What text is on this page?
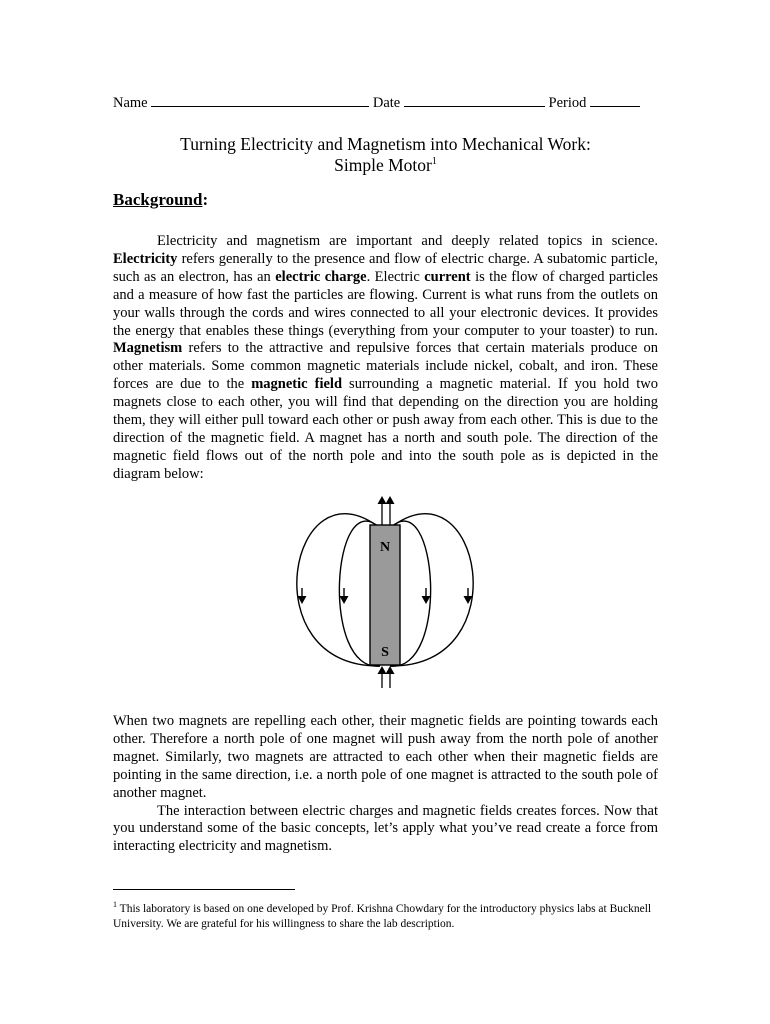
Name	Date	Period
Turning Electricity and Magnetism into Mechanical Work:
Simple Motor$^1$
Background:

Electricity and magnetism are important and deeply related topics in science. Electricity refers generally to the presence and flow of electric charge. A subatomic particle, such as an electron, has an electric charge. Electric current is the flow of charged particles and a measure of how fast the particles are flowing. Current is what runs from the outlets on your walls through the cords and wires connected to all your electronic devices. It provides the energy that enables these things (everything from your computer to your toaster) to run. Magnetism refers to the attractive and repulsive forces that certain materials produce on other materials. Some common magnetic materials include nickel, cobalt, and iron. These forces are due to the magnetic field surrounding a magnetic material. If you hold two magnets close to each other, you will find that depending on the direction you are holding them, they will either pull toward each other or push away from each other. This is due to the direction of the magnetic field. A magnet has a north and south pole. The direction of the magnetic field flows out of the north pole and into the south pole as is depicted in the diagram below:

N
S

When two magnets are repelling each other, their magnetic fields are pointing towards each other. Therefore a north pole of one magnet will push away from the north pole of another magnet. Similarly, two magnets are attracted to each other when their magnetic fields are pointing in the same direction, i.e. a north pole of one magnet is attracted to the south pole of another magnet.

The interaction between electric charges and magnetic fields creates forces. Now that you understand some of the basic concepts, let’s apply what you’ve read create a force from interacting electricity and magnetism.

$^1$ This laboratory is based on one developed by Prof. Krishna Chowdary for the introductory physics labs at Bucknell University. We are grateful for his willingness to share the lab description.
